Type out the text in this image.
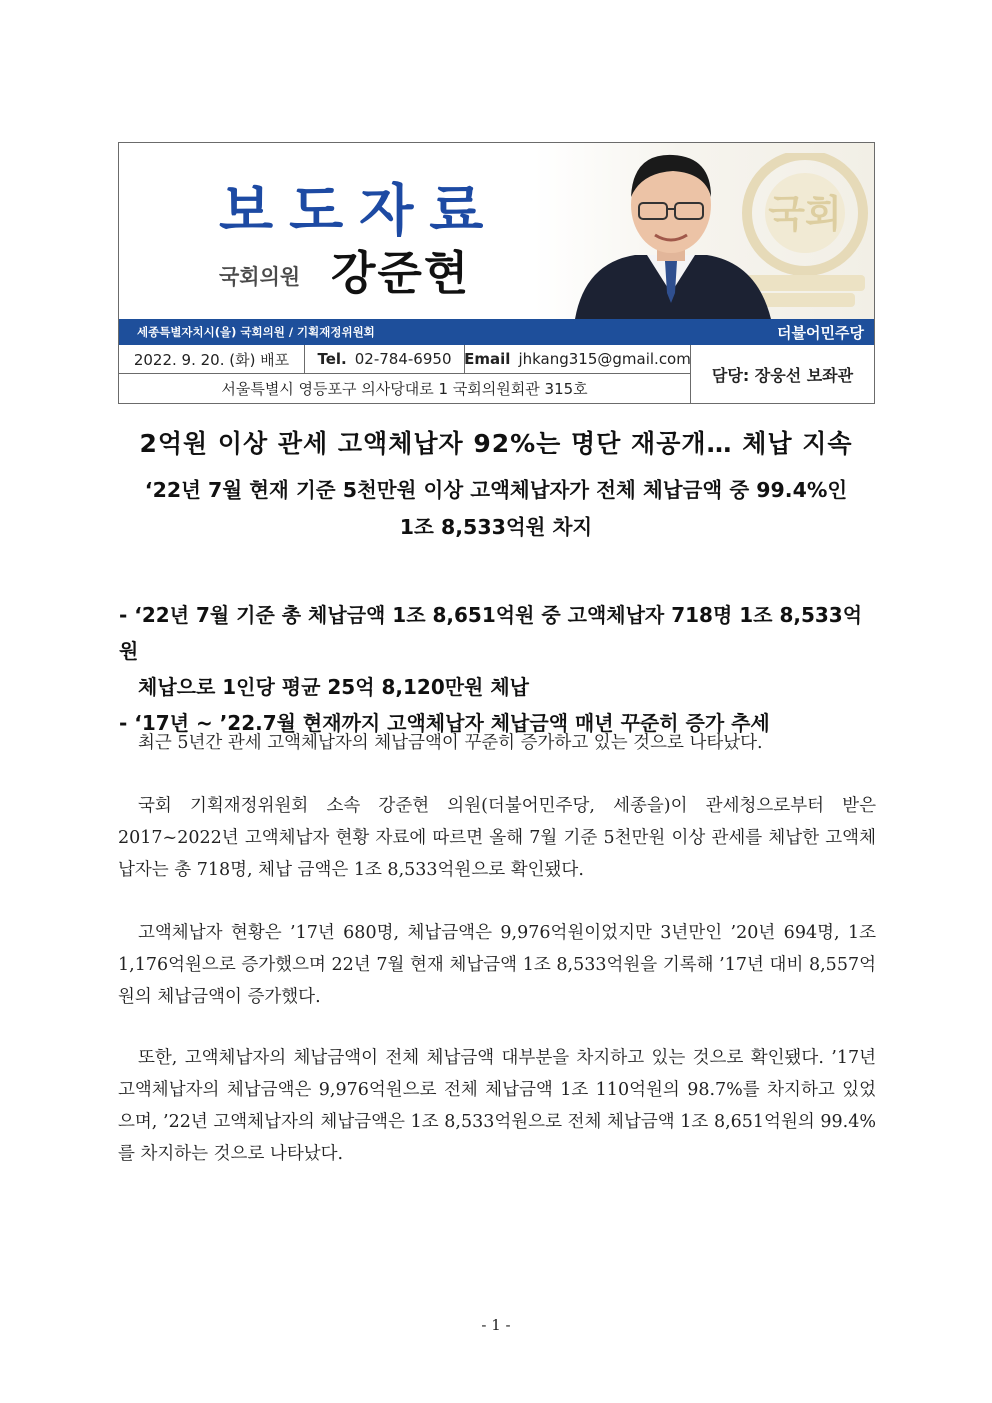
국회
보도자료
국회의원 강준현
세종특별자치시(을) 국회의원 / 기획재정위원회	더불어민주당
2022. 9. 20. (화) 배포 Tel. 02-784-6950 Email jhkang315@gmail.com
서울특별시 영등포구 의사당대로 1 국회의원회관 315호
담당: 장웅선 보좌관
2억원 이상 관세 고액체납자 92%는 명단 재공개… 체납 지속
‘22년 7월 현재 기준 5천만원 이상 고액체납자가 전체 체납금액 중 99.4%인
1조 8,533억원 차지
- ‘22년 7월 기준 총 체납금액 1조 8,651억원 중 고액체납자 718명 1조 8,533억원
체납으로 1인당 평균 25억 8,120만원 체납
- ‘17년 ~ ’22.7월 현재까지 고액체납자 체납금액 매년 꾸준히 증가 추세

최근 5년간 관세 고액체납자의 체납금액이 꾸준히 증가하고 있는 것으로 나타났다.

국회 기획재정위원회 소속 강준현 의원(더불어민주당, 세종을)이 관세청으로부터 받은 2017~2022년 고액체납자 현황 자료에 따르면 올해 7월 기준 5천만원 이상 관세를 체납한 고액체납자는 총 718명, 체납 금액은 1조 8,533억원으로 확인됐다.

고액체납자 현황은 ’17년 680명, 체납금액은 9,976억원이었지만 3년만인 ’20년 694명, 1조 1,176억원으로 증가했으며 22년 7월 현재 체납금액 1조 8,533억원을 기록해 ’17년 대비 8,557억원의 체납금액이 증가했다.

또한, 고액체납자의 체납금액이 전체 체납금액 대부분을 차지하고 있는 것으로 확인됐다. ’17년 고액체납자의 체납금액은 9,976억원으로 전체 체납금액 1조 110억원의 98.7%를 차지하고 있었으며, ’22년 고액체납자의 체납금액은 1조 8,533억원으로 전체 체납금액 1조 8,651억원의 99.4%를 차지하는 것으로 나타났다.

- 1 -
